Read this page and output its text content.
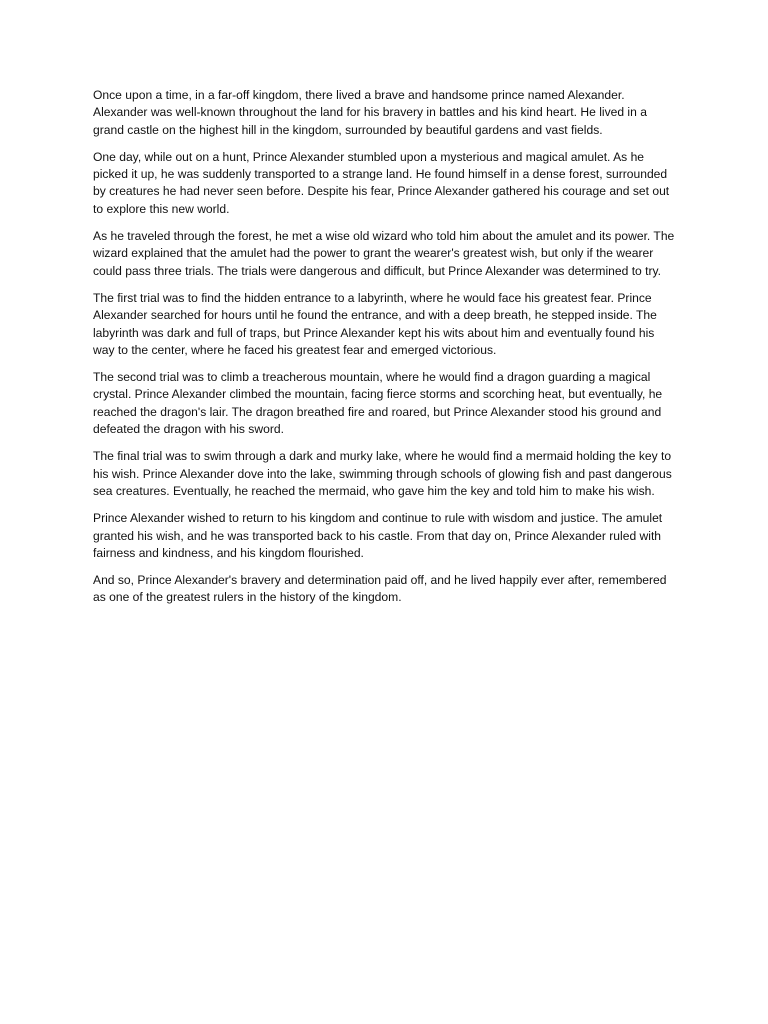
Once upon a time, in a far-off kingdom, there lived a brave and handsome prince named Alexander. Alexander was well-known throughout the land for his bravery in battles and his kind heart. He lived in a grand castle on the highest hill in the kingdom, surrounded by beautiful gardens and vast fields.

One day, while out on a hunt, Prince Alexander stumbled upon a mysterious and magical amulet. As he picked it up, he was suddenly transported to a strange land. He found himself in a dense forest, surrounded by creatures he had never seen before. Despite his fear, Prince Alexander gathered his courage and set out to explore this new world.

As he traveled through the forest, he met a wise old wizard who told him about the amulet and its power. The wizard explained that the amulet had the power to grant the wearer's greatest wish, but only if the wearer could pass three trials. The trials were dangerous and difficult, but Prince Alexander was determined to try.

The first trial was to find the hidden entrance to a labyrinth, where he would face his greatest fear. Prince Alexander searched for hours until he found the entrance, and with a deep breath, he stepped inside. The labyrinth was dark and full of traps, but Prince Alexander kept his wits about him and eventually found his way to the center, where he faced his greatest fear and emerged victorious.

The second trial was to climb a treacherous mountain, where he would find a dragon guarding a magical crystal. Prince Alexander climbed the mountain, facing fierce storms and scorching heat, but eventually, he reached the dragon's lair. The dragon breathed fire and roared, but Prince Alexander stood his ground and defeated the dragon with his sword.

The final trial was to swim through a dark and murky lake, where he would find a mermaid holding the key to his wish. Prince Alexander dove into the lake, swimming through schools of glowing fish and past dangerous sea creatures. Eventually, he reached the mermaid, who gave him the key and told him to make his wish.

Prince Alexander wished to return to his kingdom and continue to rule with wisdom and justice. The amulet granted his wish, and he was transported back to his castle. From that day on, Prince Alexander ruled with fairness and kindness, and his kingdom flourished.

And so, Prince Alexander's bravery and determination paid off, and he lived happily ever after, remembered as one of the greatest rulers in the history of the kingdom.
